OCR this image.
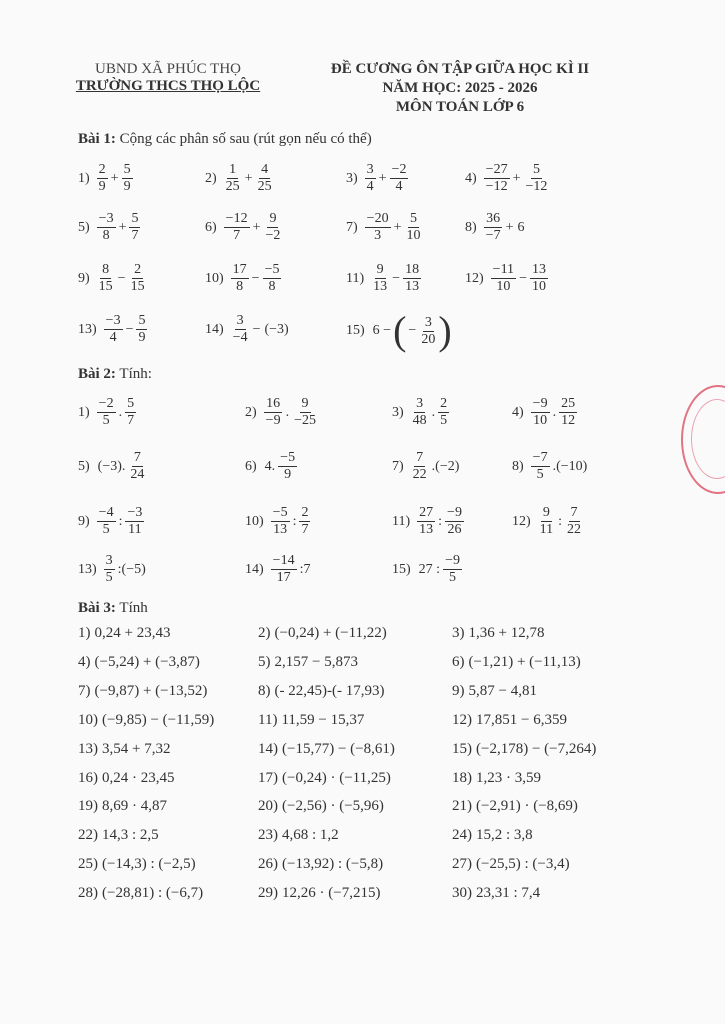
UBND XÃ PHÚC THỌ
TRƯỜNG THCS THỌ LỘC
ĐỀ CƯƠNG ÔN TẬP GIỮA HỌC KÌ II
NĂM HỌC: 2025 - 2026
MÔN TOÁN LỚP 6
Bài 1: Cộng các phân số sau (rút gọn nếu có thể)
Bài 2: Tính:
Bài 3: Tính
$1) \frac{2}{9} + \frac{5}{9}$	$2) \frac{1}{25} + \frac{4}{25}$	$3) \frac{3}{4} + \frac{-2}{4}$	$4) \frac{-27}{-12} + \frac{5}{-12}$
$5) \frac{-3}{8} + \frac{5}{7}$	$6) \frac{-12}{7} + \frac{9}{-2}$	$7) \frac{-20}{3} + \frac{5}{10}$	$8) \frac{36}{-7} + 6$
$9) \frac{8}{15} - \frac{2}{15}$	$10) \frac{17}{8} - \frac{-5}{8}$	$11) \frac{9}{13} - \frac{18}{13}$	$12) \frac{-11}{10} - \frac{13}{10}$
$13) \frac{-3}{4} - \frac{5}{9}$	$14) \frac{3}{-4} - (-3)$	15) 6 − ( − $\frac{3}{20}$ )
$1) \frac{-2}{5}$ . $\frac{5}{7}$	$2) \frac{16}{-9}$ . $\frac{9}{-25}$	$3) \frac{3}{48}$ . $\frac{2}{5}$	$4) \frac{-9}{10}$ . $\frac{25}{12}$
5) (−3). $\frac{7}{24}$	6) 4. $\frac{-5}{9}$	$7) \frac{7}{22} .(-2)$	$8) \frac{-7}{5} .(-10)$
$9) \frac{-4}{5}$ : $\frac{-3}{11}$	$10) \frac{-5}{13}$ : $\frac{2}{7}$	$11) \frac{27}{13}$ : $\frac{-9}{26}$	$12) \frac{9}{11}$ : $\frac{7}{22}$
$13) \frac{3}{5}$ :(−5)	$14) \frac{-14}{17}$ :7	15) 27 : $\frac{-9}{5}$
1) 0,24 + 23,43	2) (−0,24) + (−11,22)	3) 1,36 + 12,78
4) (−5,24) + (−3,87)	5) 2,157 − 5,873	6) (−1,21) + (−11,13)
7) (−9,87) + (−13,52)	8) (- 22,45)-(- 17,93)	9) 5,87 − 4,81
10) (−9,85) − (−11,59)	11) 11,59 − 15,37	12) 17,851 − 6,359
13) 3,54 + 7,32	14) (−15,77) − (−8,61)	15) (−2,178) − (−7,264)
16) 0,24 · 23,45	17) (−0,24) · (−11,25)	18) 1,23 · 3,59
19) 8,69 · 4,87	20) (−2,56) · (−5,96)	21) (−2,91) · (−8,69)
22) 14,3 : 2,5	23) 4,68 : 1,2	24) 15,2 : 3,8
25) (−14,3) : (−2,5)	26) (−13,92) : (−5,8)	27) (−25,5) : (−3,4)
28) (−28,81) : (−6,7)	29) 12,26 · (−7,215)	30) 23,31 : 7,4
